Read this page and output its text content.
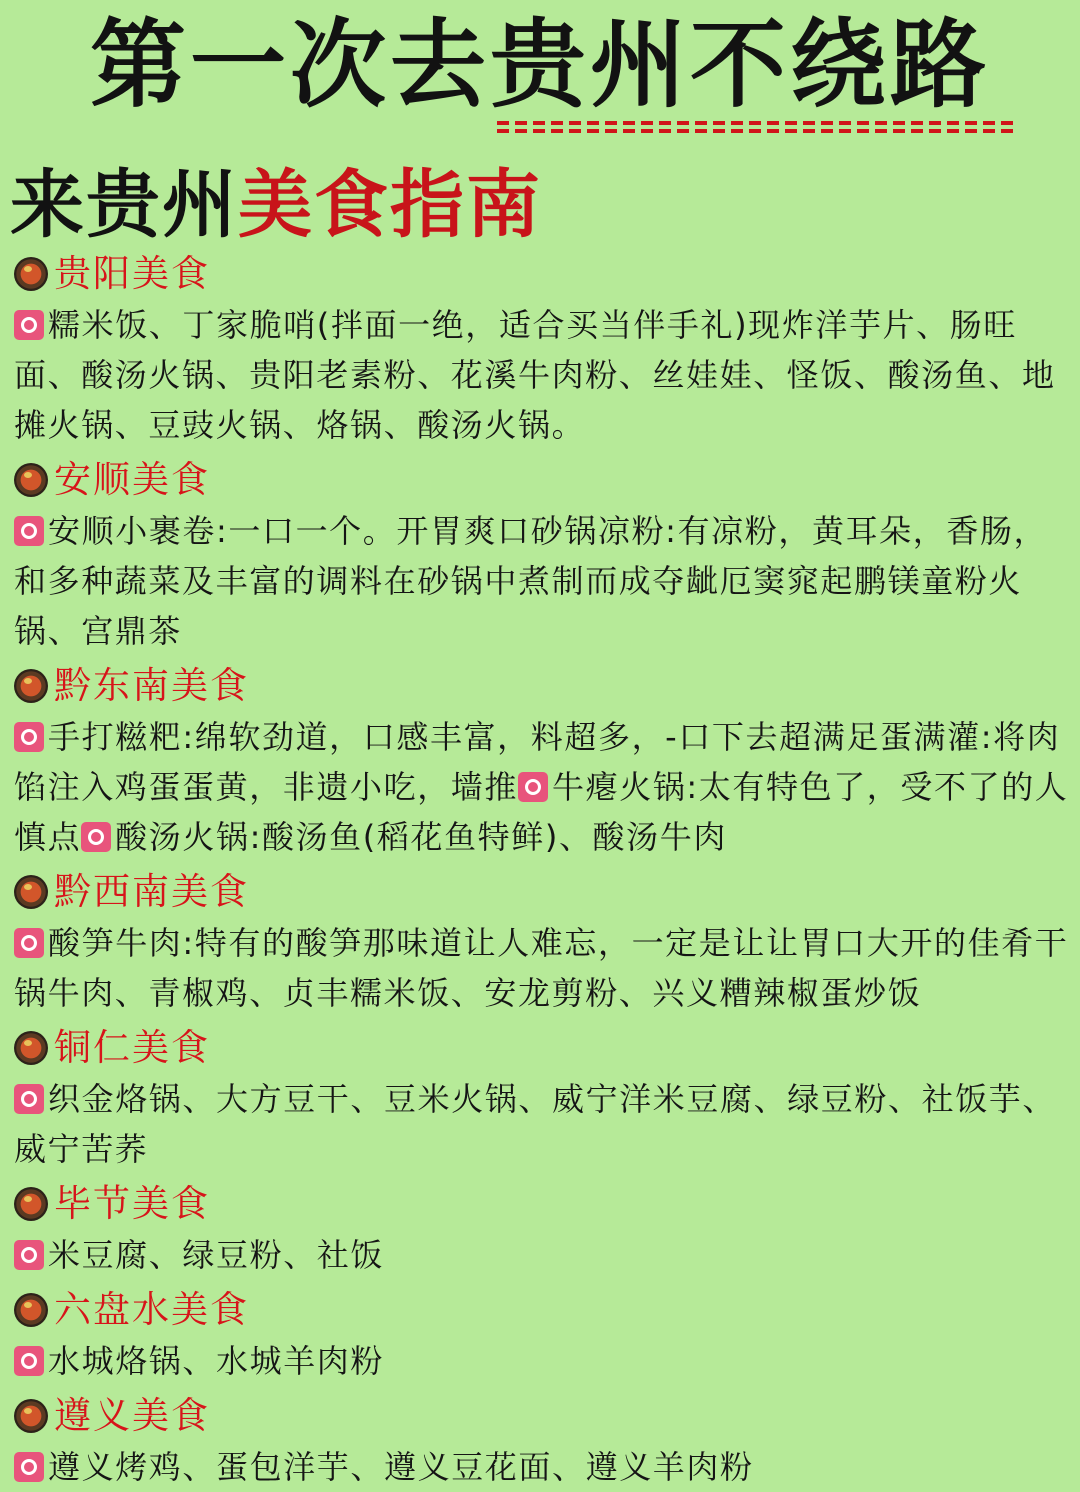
第一次去贵州不绕路
来贵州美食指南
贵阳美食

糯米饭、丁家脆哨(拌面一绝，适合买当伴手礼)现炸洋芋片、肠旺面、酸汤火锅、贵阳老素粉、花溪牛肉粉、丝娃娃、怪饭、酸汤鱼、地摊火锅、豆豉火锅、烙锅、酸汤火锅。

安顺美食

安顺小裹卷:一口一个。开胃爽口砂锅凉粉:有凉粉，黄耳朵，香肠，和多种蔬菜及丰富的调料在砂锅中煮制而成夺龇厄窦窕起鹏镁童粉火锅、宫鼎茶

黔东南美食

手打糍粑:绵软劲道，口感丰富，料超多，-口下去超满足蛋满灌:将肉馅注入鸡蛋蛋黄，非遗小吃，墙推 牛瘪火锅:太有特色了，受不了的人慎点 酸汤火锅:酸汤鱼(稻花鱼特鲜)、酸汤牛肉

黔西南美食

酸笋牛肉:特有的酸笋那味道让人难忘，一定是让让胃口大开的佳肴干锅牛肉、青椒鸡、贞丰糯米饭、安龙剪粉、兴义糟辣椒蛋炒饭

铜仁美食

织金烙锅、大方豆干、豆米火锅、威宁洋米豆腐、绿豆粉、社饭芋、威宁苦荞

毕节美食

米豆腐、绿豆粉、社饭

六盘水美食

水城烙锅、水城羊肉粉

遵义美食

遵义烤鸡、蛋包洋芋、遵义豆花面、遵义羊肉粉
